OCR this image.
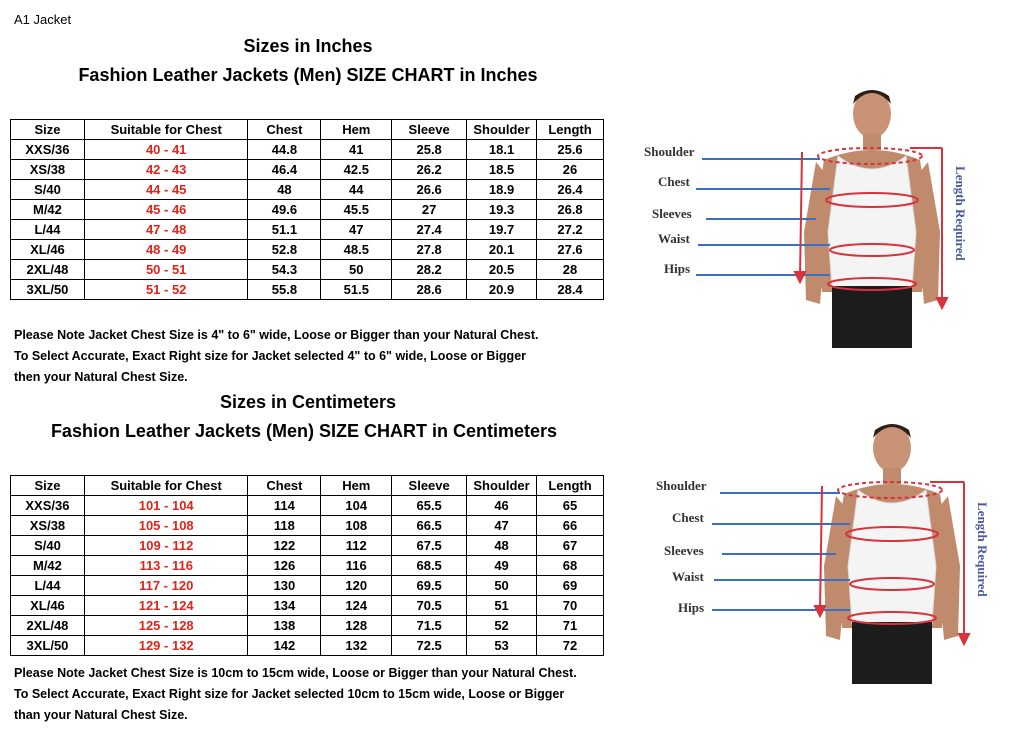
A1 Jacket
Sizes in Inches
Fashion Leather Jackets (Men) SIZE CHART in Inches
Size	Suitable for Chest	Chest	Hem	Sleeve	Shoulder	Length
XXS/36	40 - 41	44.8	41	25.8	18.1	25.6
XS/38	42 - 43	46.4	42.5	26.2	18.5	26
S/40	44 - 45	48	44	26.6	18.9	26.4
M/42	45 - 46	49.6	45.5	27	19.3	26.8
L/44	47 - 48	51.1	47	27.4	19.7	27.2
XL/46	48 - 49	52.8	48.5	27.8	20.1	27.6
2XL/48	50 - 51	54.3	50	28.2	20.5	28
3XL/50	51 - 52	55.8	51.5	28.6	20.9	28.4
Please Note Jacket Chest Size is 4" to 6" wide, Loose or Bigger than your Natural Chest.
To Select Accurate, Exact Right size for Jacket selected 4" to 6" wide, Loose or Bigger
then your Natural Chest Size.
Sizes in Centimeters
Fashion Leather Jackets (Men) SIZE CHART in Centimeters
Size	Suitable for Chest	Chest	Hem	Sleeve	Shoulder	Length
XXS/36	101 - 104	114	104	65.5	46	65
XS/38	105 - 108	118	108	66.5	47	66
S/40	109 - 112	122	112	67.5	48	67
M/42	113 - 116	126	116	68.5	49	68
L/44	117 - 120	130	120	69.5	50	69
XL/46	121 - 124	134	124	70.5	51	70
2XL/48	125 - 128	138	128	71.5	52	71
3XL/50	129 - 132	142	132	72.5	53	72
Please Note Jacket Chest Size is 10cm to 15cm wide, Loose or Bigger than your Natural Chest.
To Select Accurate, Exact Right size for Jacket selected 10cm to 15cm wide, Loose or Bigger
than your Natural Chest Size.
Shoulder
Chest
Sleeves
Waist
Hips
Length Required
Shoulder
Chest
Sleeves
Waist
Hips
Length Required
